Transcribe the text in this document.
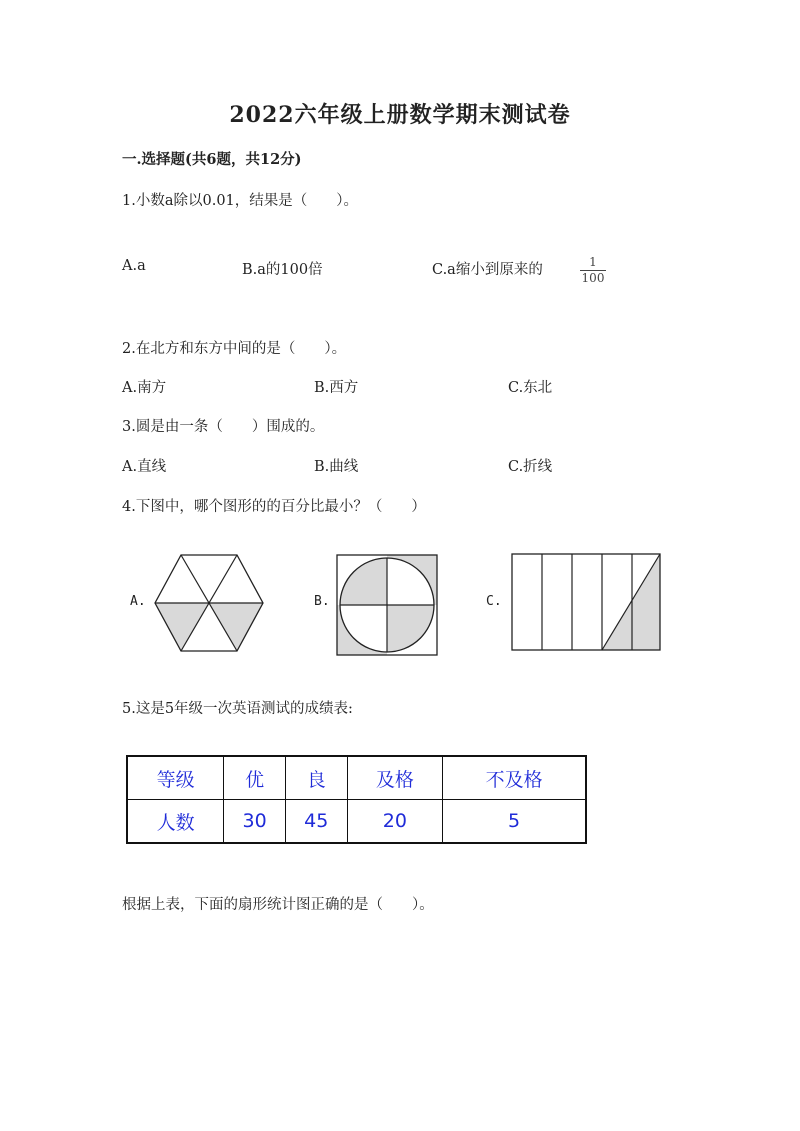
2022六年级上册数学期末测试卷
一.选择题(共6题，共12分)
1.小数a除以0.01，结果是（　　）。
A.a	B.a的100倍	C.a缩小到原来的	1
100
2.在北方和东方中间的是（　　）。
A.南方	B.西方	C.东北
3.圆是由一条（　　）围成的。
A.直线	B.曲线	C.折线
4.下图中，哪个图形的的百分比最小？（　　）
A.	B.	C.
5.这是5年级一次英语测试的成绩表:
等级	优	良	及格	不及格
人数	30	45	20	5
根据上表，下面的扇形统计图正确的是（　　）。
